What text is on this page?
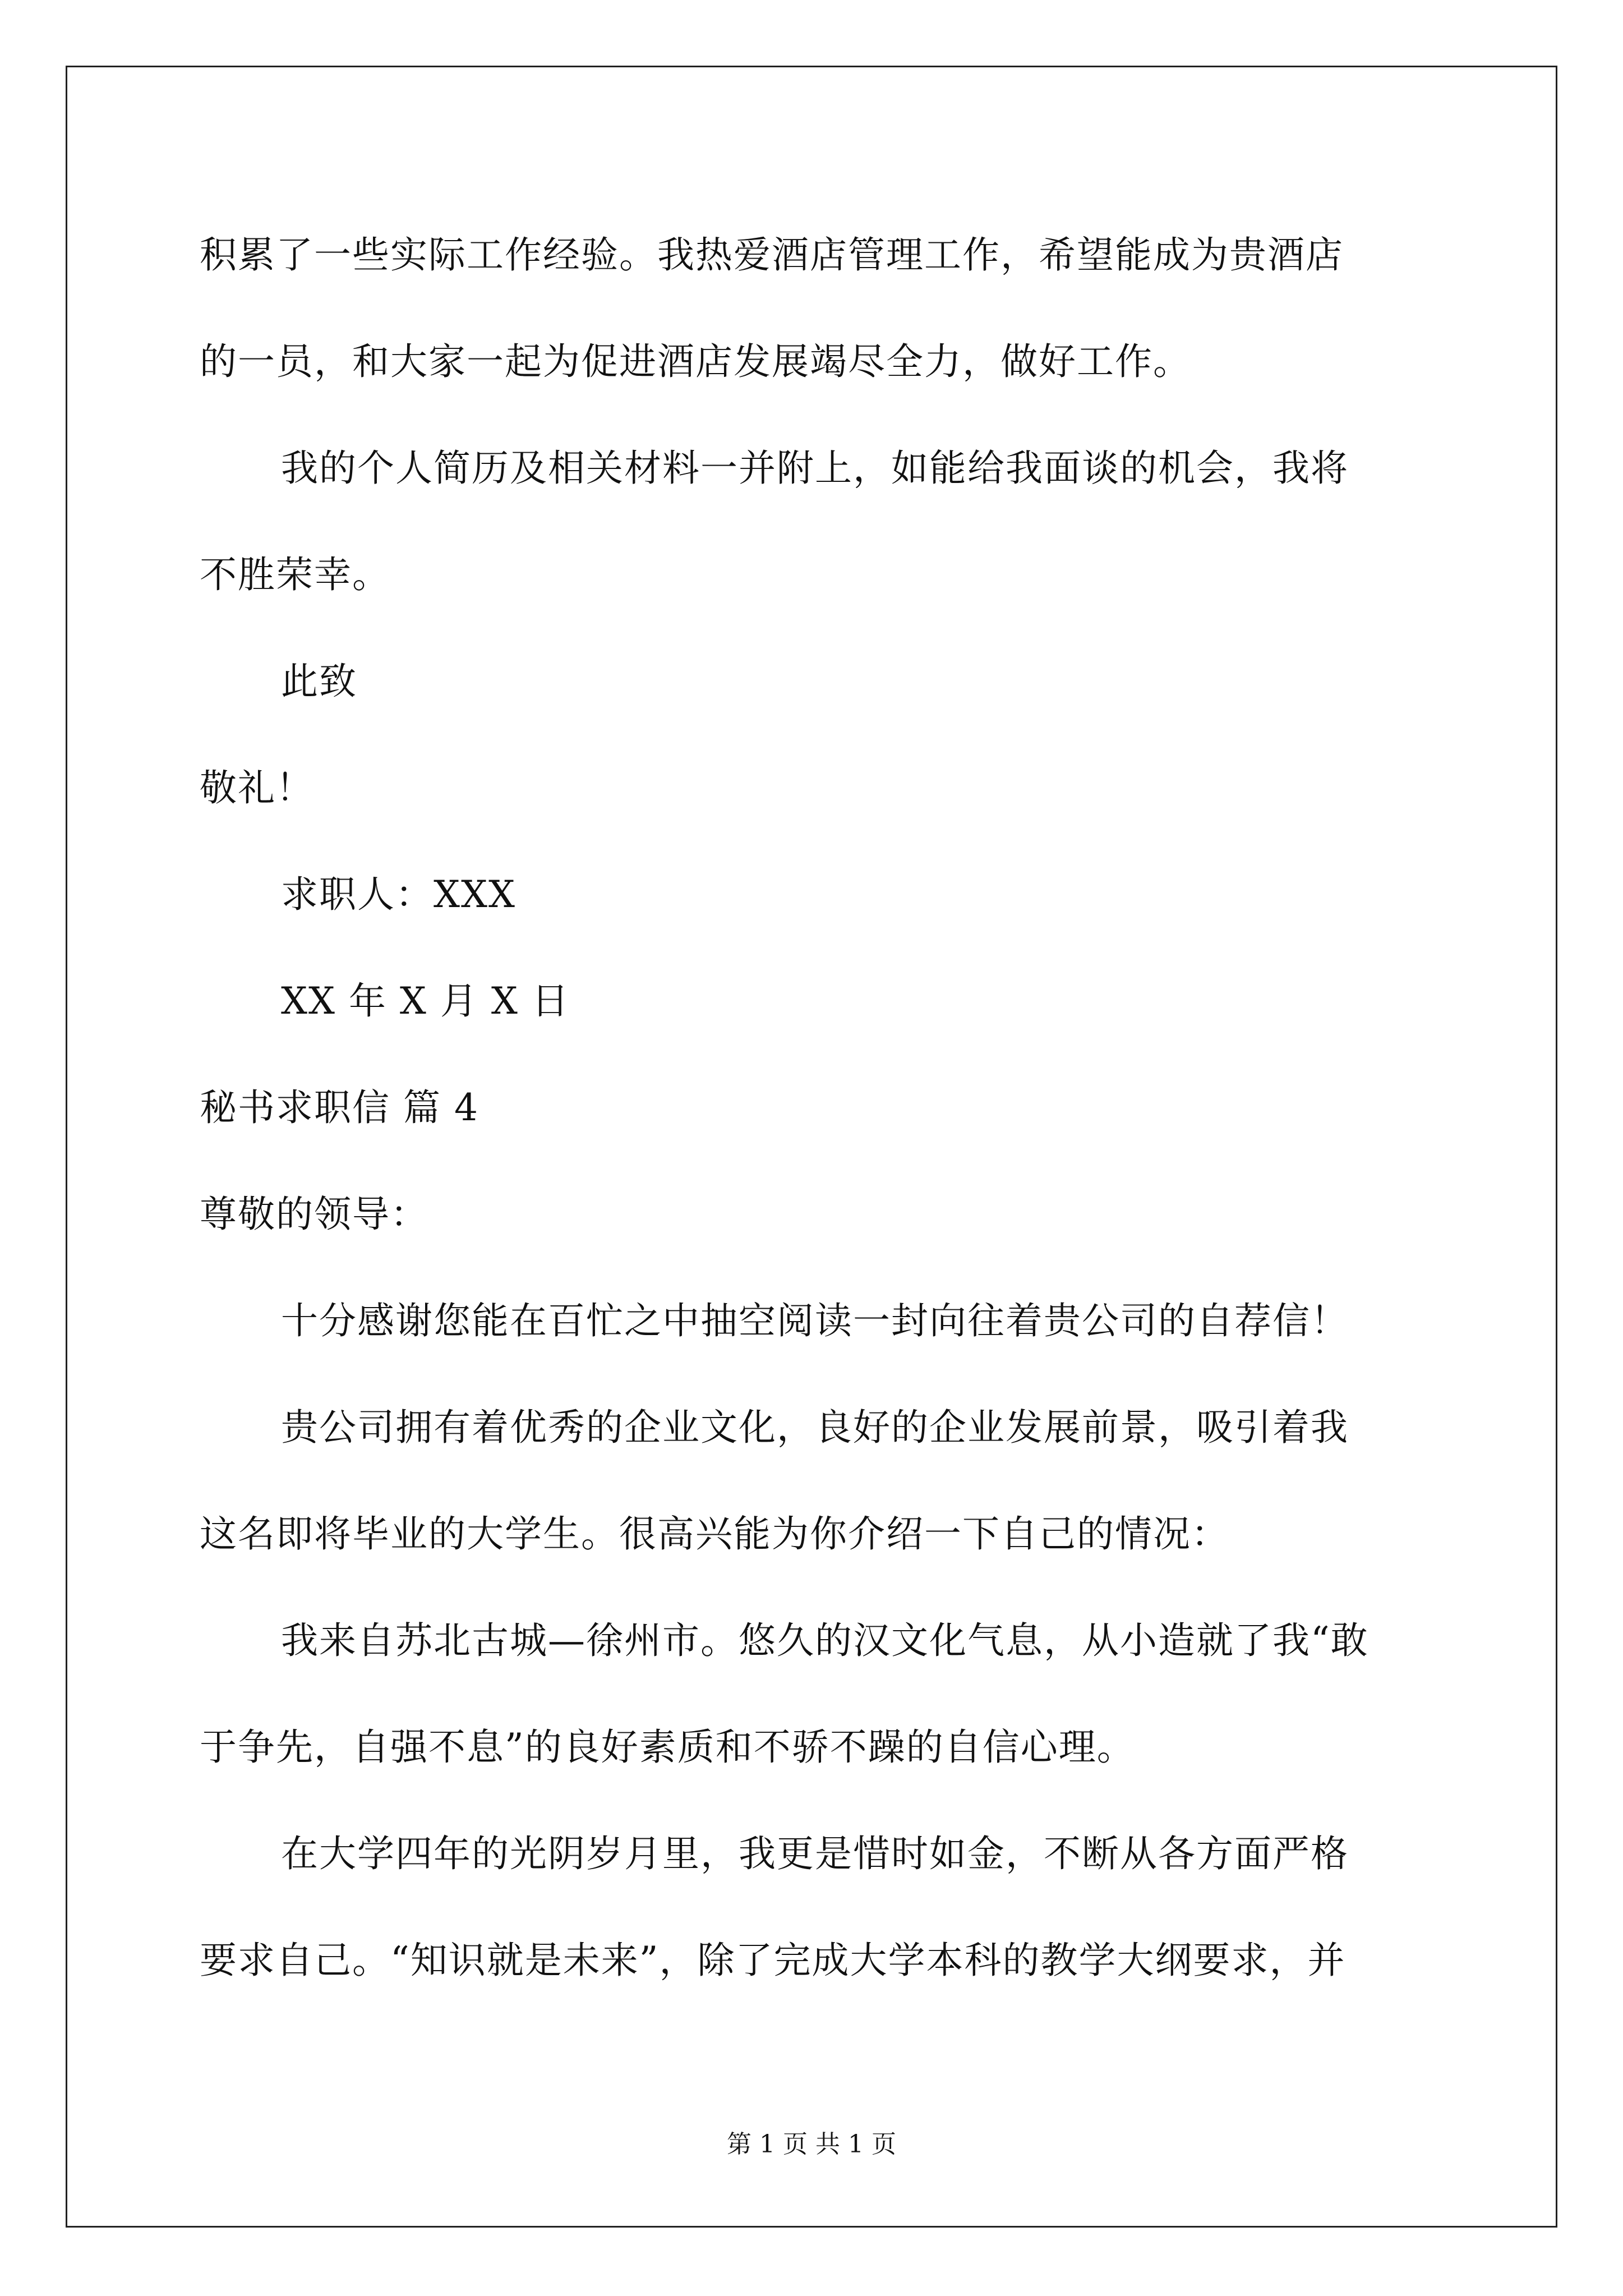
积累了一些实际工作经验。我热爱酒店管理工作，希望能成为贵酒店
的一员，和大家一起为促进酒店发展竭尽全力，做好工作。
我的个人简历及相关材料一并附上，如能给我面谈的机会，我将
不胜荣幸。
此致
敬礼！
求职人：XXX
XX 年 X 月 X 日
秘书求职信 篇 4
尊敬的领导：
十分感谢您能在百忙之中抽空阅读一封向往着贵公司的自荐信！
贵公司拥有着优秀的企业文化，良好的企业发展前景，吸引着我
这名即将毕业的大学生。很高兴能为你介绍一下自己的情况：
我来自苏北古城—徐州市。悠久的汉文化气息，从小造就了我“敢
于争先，自强不息”的良好素质和不骄不躁的自信心理。
在大学四年的光阴岁月里，我更是惜时如金，不断从各方面严格
要求自己。“知识就是未来”，除了完成大学本科的教学大纲要求，并
第 1 页 共 1 页
